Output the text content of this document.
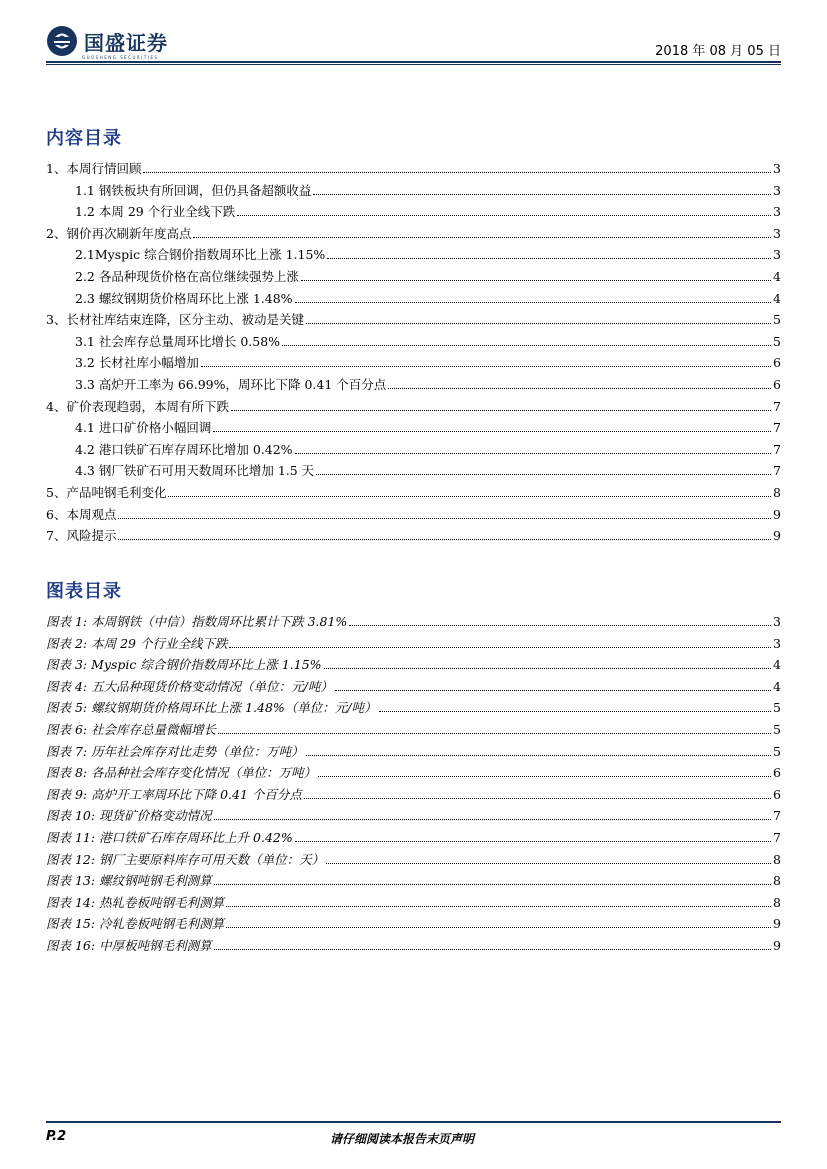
国盛证券
GUOSHENG SECURITIES	2018 年 08 月 05 日
内容目录
1、本周行情回顾	3
1.1 钢铁板块有所回调，但仍具备超额收益	3
1.2 本周 29 个行业全线下跌	3
2、钢价再次刷新年度高点	3
2.1Myspic 综合钢价指数周环比上涨 1.15%	3
2.2 各品种现货价格在高位继续强势上涨	4
2.3 螺纹钢期货价格周环比上涨 1.48%	4
3、长材社库结束连降，区分主动、被动是关键	5
3.1 社会库存总量周环比增长 0.58%	5
3.2 长材社库小幅增加	6
3.3 高炉开工率为 66.99%，周环比下降 0.41 个百分点	6
4、矿价表现趋弱，本周有所下跌	7
4.1 进口矿价格小幅回调	7
4.2 港口铁矿石库存周环比增加 0.42%	7
4.3 钢厂铁矿石可用天数周环比增加 1.5 天	7
5、产品吨钢毛利变化	8
6、本周观点	9
7、风险提示	9
图表目录
图表 1: 本周钢铁（中信）指数周环比累计下跌 3.81%	3
图表 2: 本周 29 个行业全线下跌	3
图表 3: Myspic 综合钢价指数周环比上涨 1.15%	4
图表 4: 五大品种现货价格变动情况（单位：元/吨）	4
图表 5: 螺纹钢期货价格周环比上涨 1.48%（单位：元/吨）	5
图表 6: 社会库存总量微幅增长	5
图表 7: 历年社会库存对比走势（单位：万吨）	5
图表 8: 各品种社会库存变化情况（单位：万吨）	6
图表 9: 高炉开工率周环比下降 0.41 个百分点	6
图表 10: 现货矿价格变动情况	7
图表 11: 港口铁矿石库存周环比上升 0.42%	7
图表 12: 钢厂主要原料库存可用天数（单位：天）	8
图表 13: 螺纹钢吨钢毛利测算	8
图表 14: 热轧卷板吨钢毛利测算	8
图表 15: 冷轧卷板吨钢毛利测算	9
图表 16: 中厚板吨钢毛利测算	9
P.2	请仔细阅读本报告末页声明
